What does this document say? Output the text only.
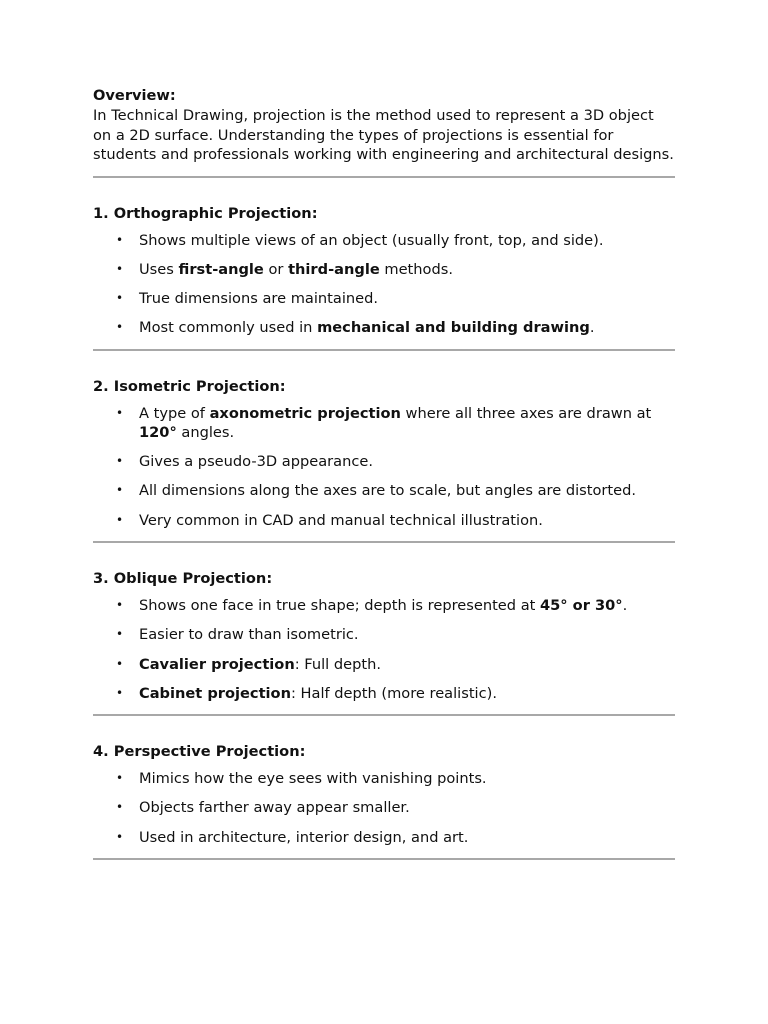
Overview:

In Technical Drawing, projection is the method used to represent a 3D object on a 2D surface. Understanding the types of projections is essential for students and professionals working with engineering and architectural designs.

1. Orthographic Projection:
• Shows multiple views of an object (usually front, top, and side).
• Uses first-angle or third-angle methods.
• True dimensions are maintained.
• Most commonly used in mechanical and building drawing.
2. Isometric Projection:
• A type of axonometric projection where all three axes are drawn at 120° angles.
• Gives a pseudo-3D appearance.
• All dimensions along the axes are to scale, but angles are distorted.
• Very common in CAD and manual technical illustration.
3. Oblique Projection:
• Shows one face in true shape; depth is represented at 45° or 30°.
• Easier to draw than isometric.
• Cavalier projection: Full depth.
• Cabinet projection: Half depth (more realistic).
4. Perspective Projection:
• Mimics how the eye sees with vanishing points.
• Objects farther away appear smaller.
• Used in architecture, interior design, and art.
